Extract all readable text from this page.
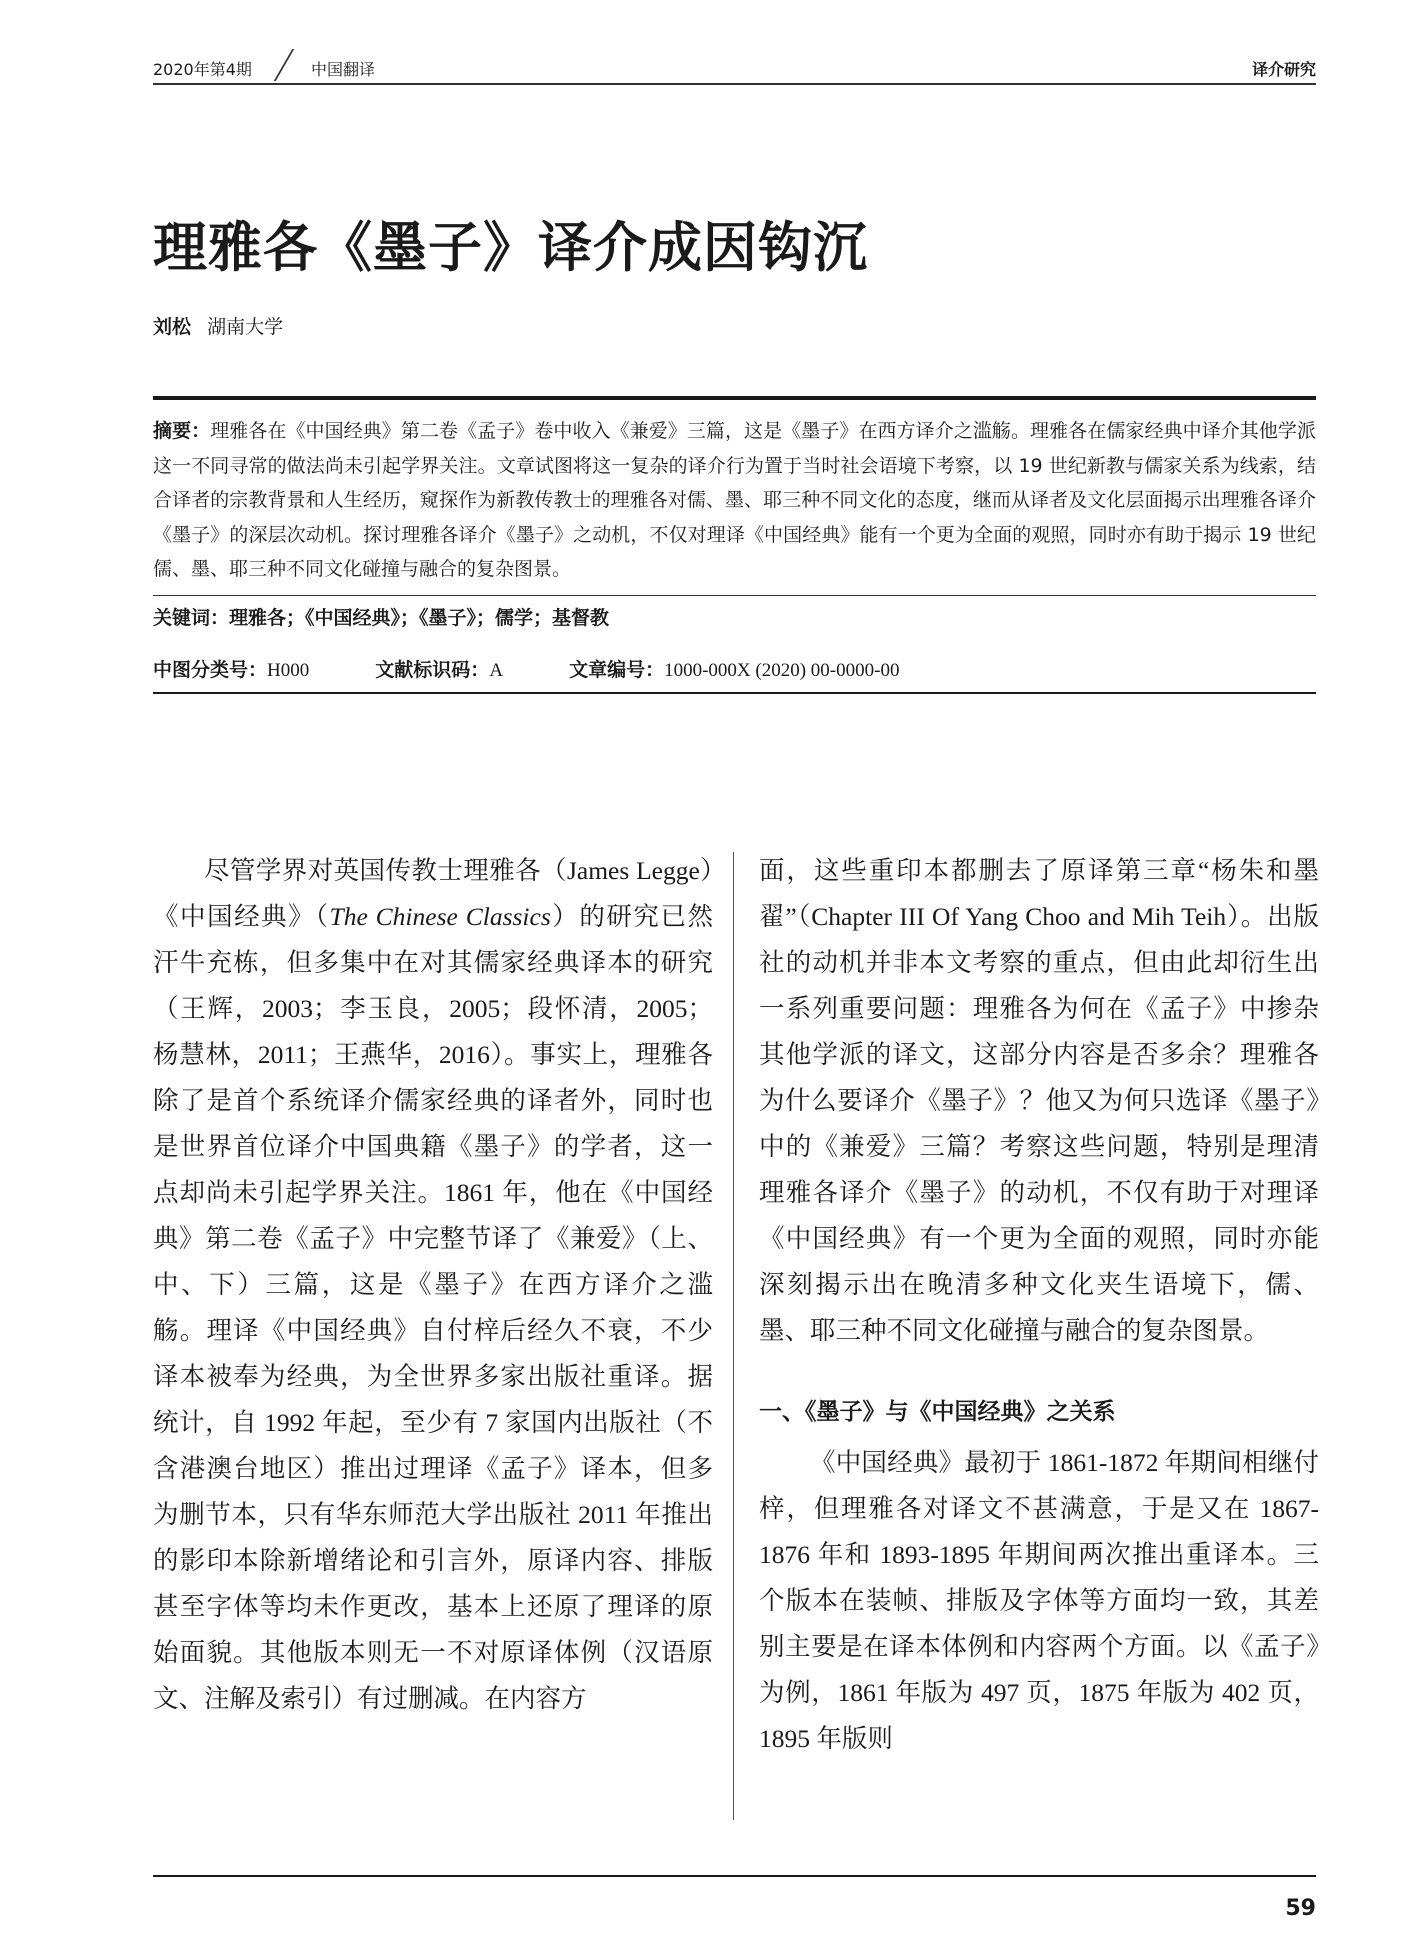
2020年第4期	中国翻译	译介研究
理雅各《墨子》译介成因钩沉
刘松 湖南大学
摘要：理雅各在《中国经典》第二卷《孟子》卷中收入《兼爱》三篇，这是《墨子》在西方译介之滥觞。理雅各在儒家经典中译介其他学派这一不同寻常的做法尚未引起学界关注。文章试图将这一复杂的译介行为置于当时社会语境下考察，以 19 世纪新教与儒家关系为线索，结合译者的宗教背景和人生经历，窥探作为新教传教士的理雅各对儒、墨、耶三种不同文化的态度，继而从译者及文化层面揭示出理雅各译介《墨子》的深层次动机。探讨理雅各译介《墨子》之动机，不仅对理译《中国经典》能有一个更为全面的观照，同时亦有助于揭示 19 世纪儒、墨、耶三种不同文化碰撞与融合的复杂图景。
关键词：理雅各；《中国经典》；《墨子》；儒学；基督教
中图分类号：H000	文献标识码：A	文章编号：1000-000X (2020) 00-0000-00

尽管学界对英国传教士理雅各（James Legge）《中国经典》（The Chinese Classics）的研究已然汗牛充栋，但多集中在对其儒家经典译本的研究（王辉，2003；李玉良，2005；段怀清，2005；杨慧林，2011；王燕华，2016）。事实上，理雅各除了是首个系统译介儒家经典的译者外，同时也是世界首位译介中国典籍《墨子》的学者，这一点却尚未引起学界关注。1861 年，他在《中国经典》第二卷《孟子》中完整节译了《兼爱》（上、中、下）三篇，这是《墨子》在西方译介之滥觞。理译《中国经典》自付梓后经久不衰，不少译本被奉为经典，为全世界多家出版社重译。据统计，自 1992 年起，至少有 7 家国内出版社（不含港澳台地区）推出过理译《孟子》译本，但多为删节本，只有华东师范大学出版社 2011 年推出的影印本除新增绪论和引言外，原译内容、排版甚至字体等均未作更改，基本上还原了理译的原始面貌。其他版本则无一不对原译体例（汉语原文、注解及索引）有过删减。在内容方

面，这些重印本都删去了原译第三章“杨朱和墨翟”（Chapter III Of Yang Choo and Mih Teih）。出版社的动机并非本文考察的重点，但由此却衍生出一系列重要问题：理雅各为何在《孟子》中掺杂其他学派的译文，这部分内容是否多余？理雅各为什么要译介《墨子》？他又为何只选译《墨子》中的《兼爱》三篇？考察这些问题，特别是理清理雅各译介《墨子》的动机，不仅有助于对理译《中国经典》有一个更为全面的观照，同时亦能深刻揭示出在晚清多种文化夹生语境下，儒、墨、耶三种不同文化碰撞与融合的复杂图景。

一、《墨子》与《中国经典》之关系

《中国经典》最初于 1861-1872 年期间相继付梓，但理雅各对译文不甚满意，于是又在 1867-1876 年和 1893-1895 年期间两次推出重译本。三个版本在装帧、排版及字体等方面均一致，其差别主要是在译本体例和内容两个方面。以《孟子》为例，1861 年版为 497 页，1875 年版为 402 页，1895 年版则

59
